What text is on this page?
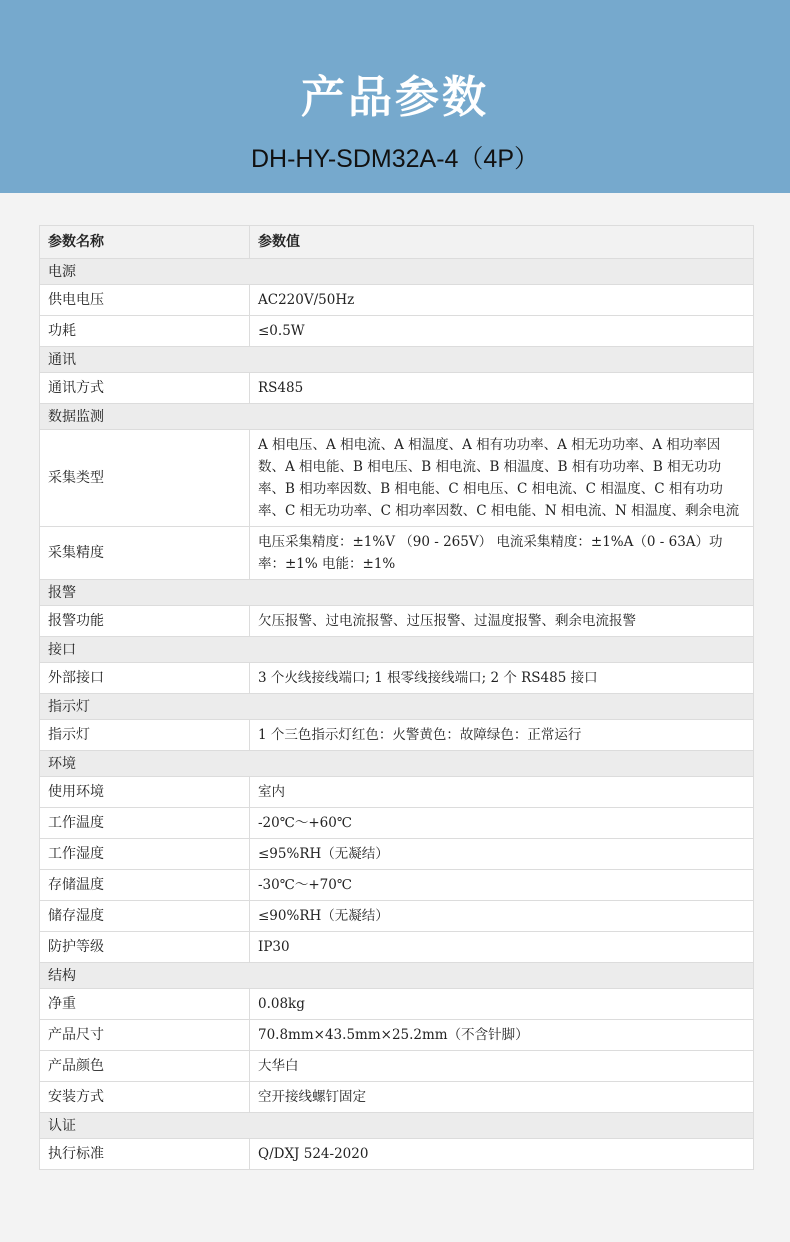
产品参数
DH-HY-SDM32A-4（4P）
参数名称	参数值
电源	
供电电压	AC220V/50Hz
功耗	≤0.5W
通讯	
通讯方式	RS485
数据监测	
采集类型	A 相电压、A 相电流、A 相温度、A 相有功功率、A 相无功功率、A 相功率因数、A 相电能、B 相电压、B 相电流、B 相温度、B 相有功功率、B 相无功功率、B 相功率因数、B 相电能、C 相电压、C 相电流、C 相温度、C 相有功功率、C 相无功功率、C 相功率因数、C 相电能、N 相电流、N 相温度、剩余电流
采集精度	电压采集精度：±1%V （90 - 265V） 电流采集精度：±1%A（0 - 63A）功率：±1% 电能：±1%
报警	
报警功能	欠压报警、过电流报警、过压报警、过温度报警、剩余电流报警
接口	
外部接口	3 个火线接线端口; 1 根零线接线端口; 2 个 RS485 接口
指示灯	
指示灯	1 个三色指示灯红色：火警黄色：故障绿色：正常运行
环境	
使用环境	室内
工作温度	-20℃～+60℃
工作湿度	≤95%RH（无凝结）
存储温度	-30℃～+70℃
储存湿度	≤90%RH（无凝结）
防护等级	IP30
结构	
净重	0.08kg
产品尺寸	70.8mm×43.5mm×25.2mm（不含针脚）
产品颜色	大华白
安装方式	空开接线螺钉固定
认证	
执行标准	Q/DXJ 524-2020
